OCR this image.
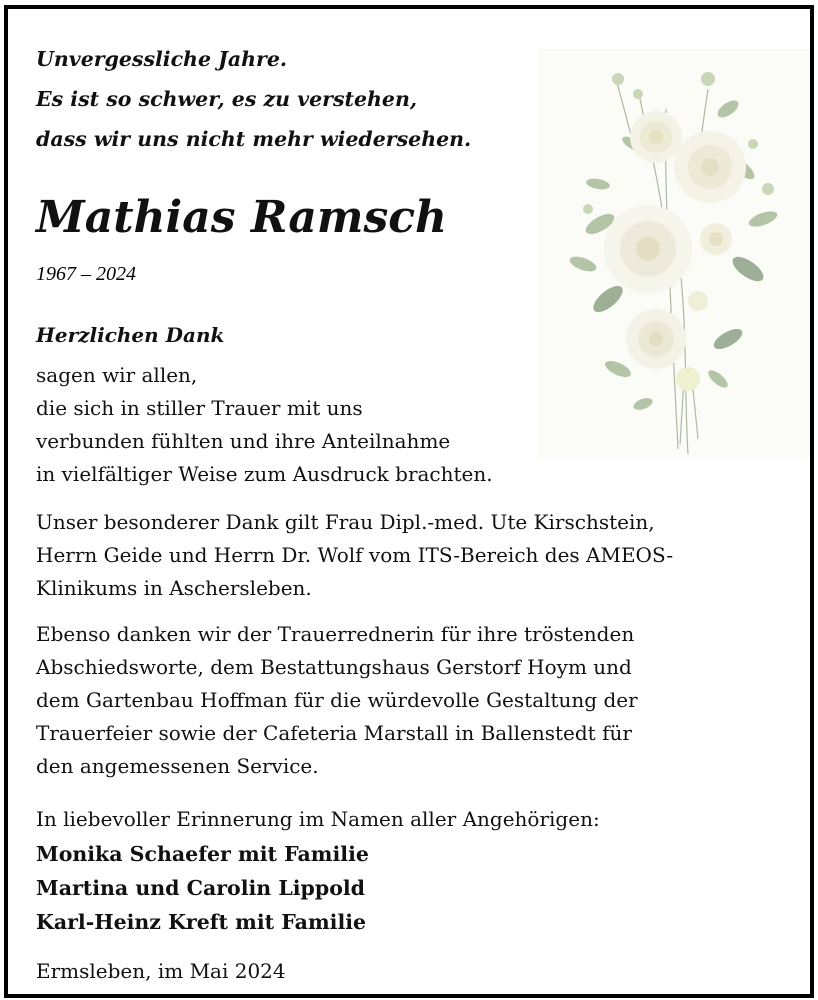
Unvergessliche Jahre.
Es ist so schwer, es zu verstehen,
dass wir uns nicht mehr wiedersehen.
Mathias Ramsch
1967 – 2024
Herzlichen Dank
sagen wir allen,
die sich in stiller Trauer mit uns
verbunden fühlten und ihre Anteilnahme
in vielfältiger Weise zum Ausdruck brachten.
Unser besonderer Dank gilt Frau Dipl.-med. Ute Kirschstein,
Herrn Geide und Herrn Dr. Wolf vom ITS-Bereich des AMEOS-
Klinikums in Aschersleben.
Ebenso danken wir der Trauerrednerin für ihre tröstenden
Abschiedsworte, dem Bestattungshaus Gerstorf Hoym und
dem Gartenbau Hoffman für die würdevolle Gestaltung der
Trauerfeier sowie der Cafeteria Marstall in Ballenstedt für
den angemessenen Service.
In liebevoller Erinnerung im Namen aller Angehörigen:
Monika Schaefer mit Familie
Martina und Carolin Lippold
Karl-Heinz Kreft mit Familie
Ermsleben, im Mai 2024
